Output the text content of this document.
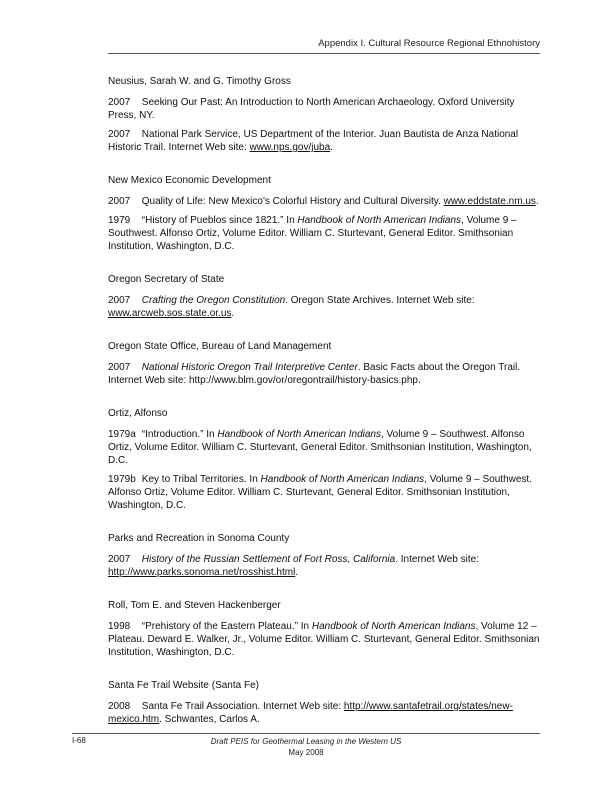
Appendix I. Cultural Resource Regional Ethnohistory
Neusius, Sarah W. and G. Timothy Gross
2007 Seeking Our Past: An Introduction to North American Archaeology. Oxford University Press, NY.
2007 National Park Service, US Department of the Interior. Juan Bautista de Anza National Historic Trail. Internet Web site: www.nps.gov/juba.
New Mexico Economic Development
2007 Quality of Life: New Mexico's Colorful History and Cultural Diversity. www.eddstate.nm.us.
1979 “History of Pueblos since 1821.” In Handbook of North American Indians, Volume 9 – Southwest. Alfonso Ortiz, Volume Editor. William C. Sturtevant, General Editor. Smithsonian Institution, Washington, D.C.
Oregon Secretary of State
2007 Crafting the Oregon Constitution. Oregon State Archives. Internet Web site: www.arcweb.sos.state.or.us.
Oregon State Office, Bureau of Land Management
2007 National Historic Oregon Trail Interpretive Center. Basic Facts about the Oregon Trail. Internet Web site: http://www.blm.gov/or/oregontrail/history-basics.php.
Ortiz, Alfonso
1979a “Introduction.” In Handbook of North American Indians, Volume 9 – Southwest. Alfonso Ortiz, Volume Editor. William C. Sturtevant, General Editor. Smithsonian Institution, Washington, D.C.
1979b Key to Tribal Territories. In Handbook of North American Indians, Volume 9 – Southwest. Alfonso Ortiz, Volume Editor. William C. Sturtevant, General Editor. Smithsonian Institution, Washington, D.C.
Parks and Recreation in Sonoma County
2007 History of the Russian Settlement of Fort Ross, California. Internet Web site: http://www.parks.sonoma.net/rosshist.html.
Roll, Tom E. and Steven Hackenberger
1998 “Prehistory of the Eastern Plateau.” In Handbook of North American Indians, Volume 12 – Plateau. Deward E. Walker, Jr., Volume Editor. William C. Sturtevant, General Editor. Smithsonian Institution, Washington, D.C.
Santa Fe Trail Website (Santa Fe)
2008 Santa Fe Trail Association. Internet Web site: http://www.santafetrail.org/states/new-mexico.htm. Schwantes, Carlos A.
I-68	Draft PEIS for Geothermal Leasing in the Western US
May 2008
